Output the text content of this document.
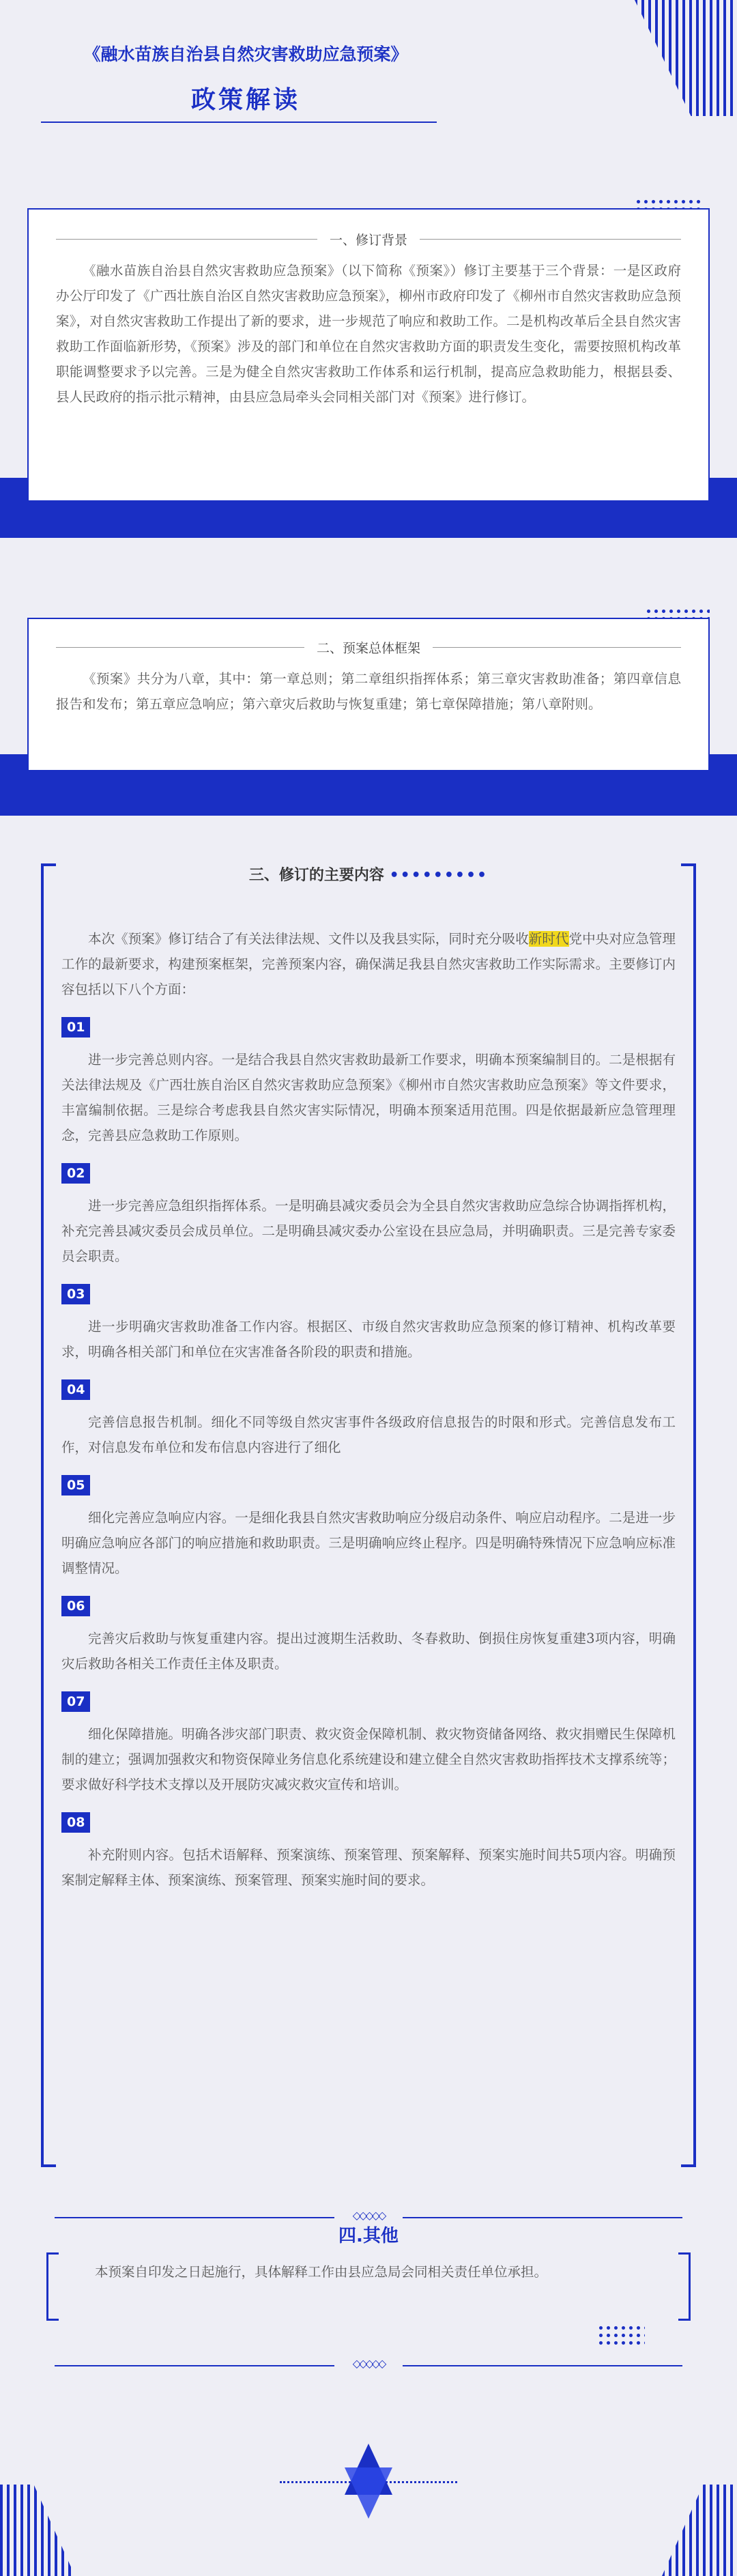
《融水苗族自治县自然灾害救助应急预案》
政策解读
一、修订背景

《融水苗族自治县自然灾害救助应急预案》（以下简称《预案》）修订主要基于三个背景：一是区政府办公厅印发了《广西壮族自治区自然灾害救助应急预案》，柳州市政府印发了《柳州市自然灾害救助应急预案》，对自然灾害救助工作提出了新的要求，进一步规范了响应和救助工作。二是机构改革后全县自然灾害救助工作面临新形势，《预案》涉及的部门和单位在自然灾害救助方面的职责发生变化，需要按照机构改革职能调整要求予以完善。三是为健全自然灾害救助工作体系和运行机制，提高应急救助能力，根据县委、县人民政府的指示批示精神，由县应急局牵头会同相关部门对《预案》进行修订。

二、预案总体框架

《预案》共分为八章，其中：第一章总则；第二章组织指挥体系；第三章灾害救助准备；第四章信息报告和发布；第五章应急响应；第六章灾后救助与恢复重建；第七章保障措施；第八章附则。

三、修订的主要内容 •••••••••

本次《预案》修订结合了有关法律法规、文件以及我县实际，同时充分吸收新时代党中央对应急管理工作的最新要求，构建预案框架，完善预案内容，确保满足我县自然灾害救助工作实际需求。主要修订内容包括以下八个方面：

01

进一步完善总则内容。一是结合我县自然灾害救助最新工作要求，明确本预案编制目的。二是根据有关法律法规及《广西壮族自治区自然灾害救助应急预案》《柳州市自然灾害救助应急预案》等文件要求，丰富编制依据。三是综合考虑我县自然灾害实际情况，明确本预案适用范围。四是依据最新应急管理理念，完善县应急救助工作原则。

02

进一步完善应急组织指挥体系。一是明确县减灾委员会为全县自然灾害救助应急综合协调指挥机构，补充完善县减灾委员会成员单位。二是明确县减灾委办公室设在县应急局，并明确职责。三是完善专家委员会职责。

03

进一步明确灾害救助准备工作内容。根据区、市级自然灾害救助应急预案的修订精神、机构改革要求，明确各相关部门和单位在灾害准备各阶段的职责和措施。

04

完善信息报告机制。细化不同等级自然灾害事件各级政府信息报告的时限和形式。完善信息发布工作，对信息发布单位和发布信息内容进行了细化

05

细化完善应急响应内容。一是细化我县自然灾害救助响应分级启动条件、响应启动程序。二是进一步明确应急响应各部门的响应措施和救助职责。三是明确响应终止程序。四是明确特殊情况下应急响应标准调整情况。

06

完善灾后救助与恢复重建内容。提出过渡期生活救助、冬春救助、倒损住房恢复重建3项内容，明确灾后救助各相关工作责任主体及职责。

07

细化保障措施。明确各涉灾部门职责、救灾资金保障机制、救灾物资储备网络、救灾捐赠民生保障机制的建立；强调加强救灾和物资保障业务信息化系统建设和建立健全自然灾害救助指挥技术支撑系统等；要求做好科学技术支撑以及开展防灾减灾救灾宣传和培训。

08

补充附则内容。包括术语解释、预案演练、预案管理、预案解释、预案实施时间共5项内容。明确预案制定解释主体、预案演练、预案管理、预案实施时间的要求。

◇◇◇◇◇
四.其他

本预案自印发之日起施行，具体解释工作由县应急局会同相关责任单位承担。

◇◇◇◇◇
